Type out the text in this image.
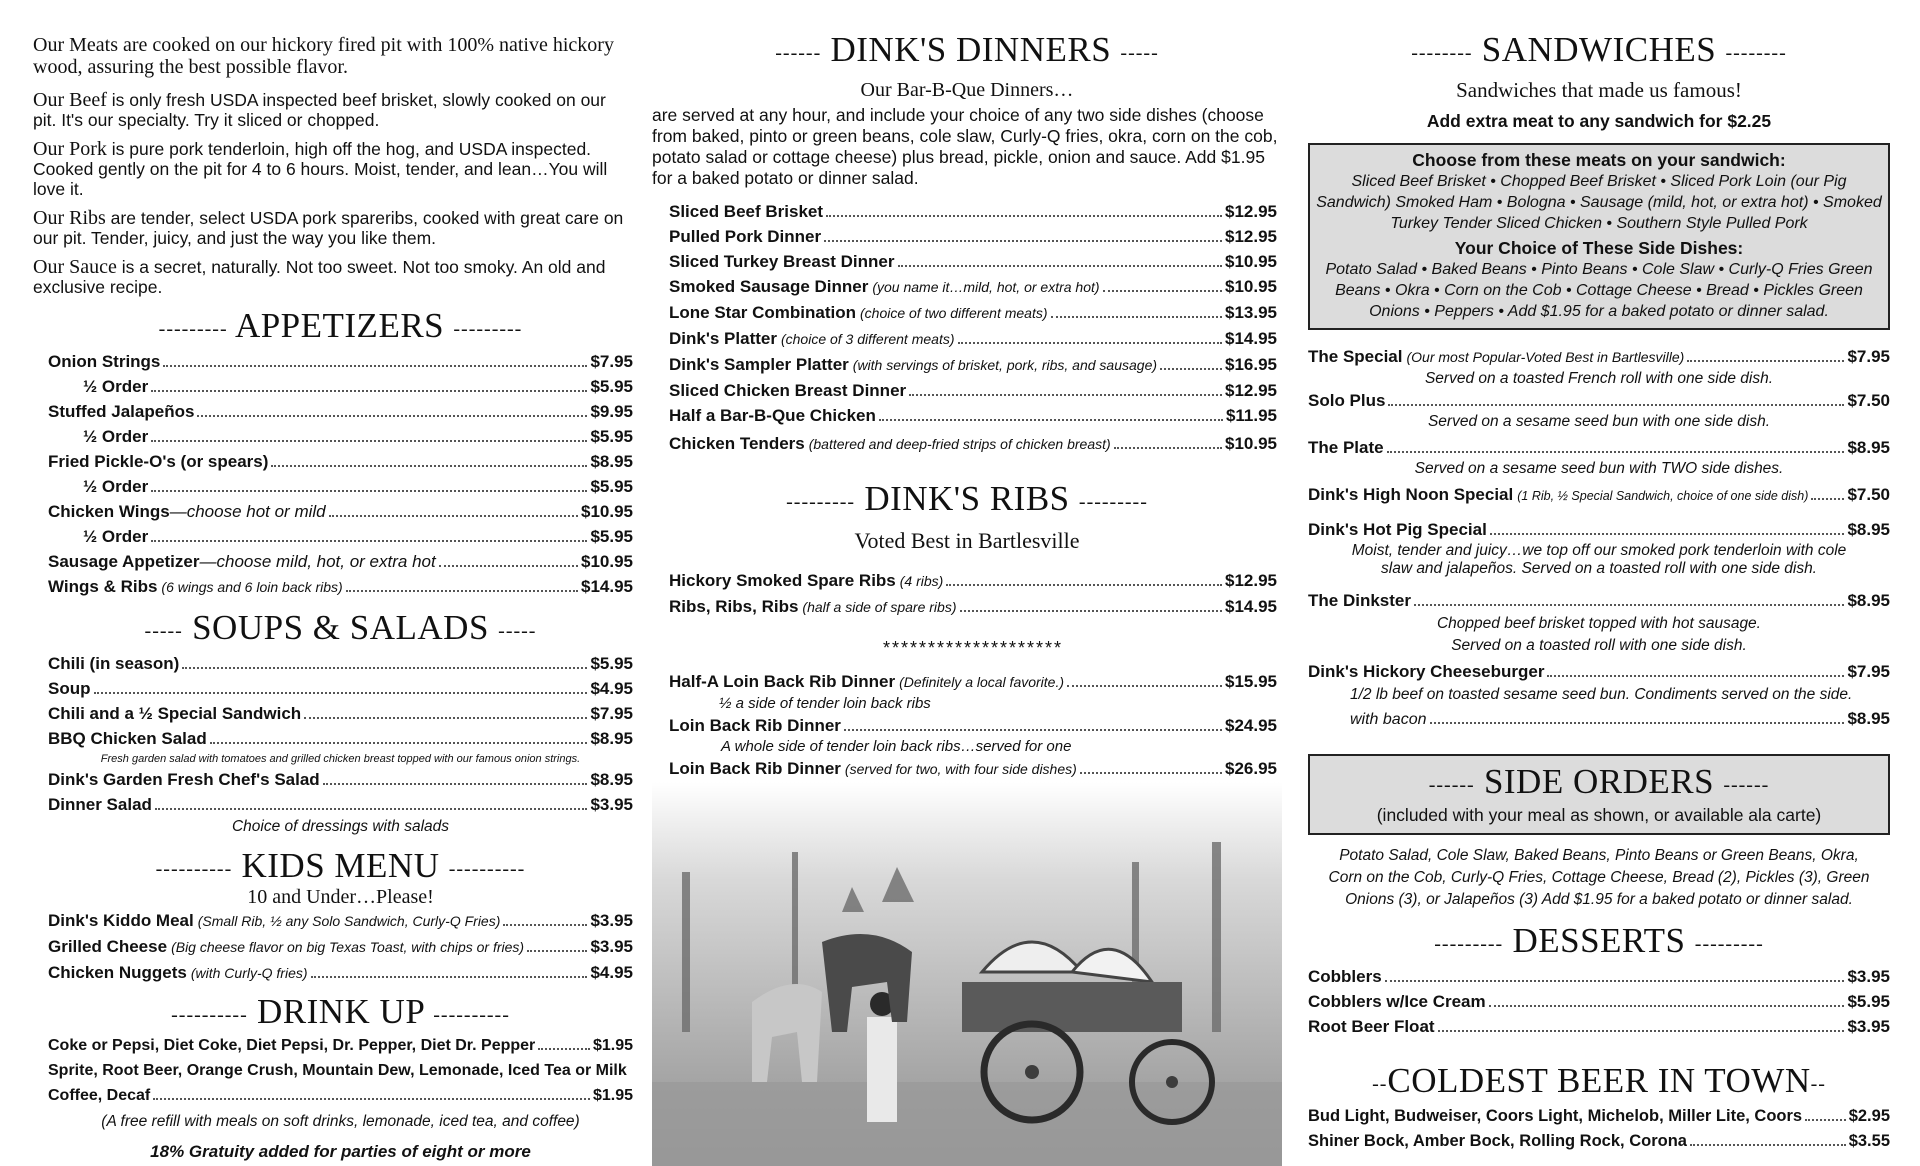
Our Meats are cooked on our hickory fired pit with 100% native hickory wood, assuring the best possible flavor.

Our Beef is only fresh USDA inspected beef brisket, slowly cooked on our pit. It's our specialty. Try it sliced or chopped.

Our Pork is pure pork tenderloin, high off the hog, and USDA inspected. Cooked gently on the pit for 4 to 6 hours. Moist, tender, and lean…You will love it.

Our Ribs are tender, select USDA pork spareribs, cooked with great care on our pit. Tender, juicy, and just the way you like them.

Our Sauce is a secret, naturally. Not too sweet. Not too smoky. An old and exclusive recipe.

--------- APPETIZERS ---------
Onion Strings	$7.95
½ Order	$5.95
Stuffed Jalapeños	$9.95
½ Order	$5.95
Fried Pickle-O's (or spears)	$8.95
½ Order	$5.95
Chicken Wings —choose hot or mild	$10.95
½ Order	$5.95
Sausage Appetizer —choose mild, hot, or extra hot	$10.95
Wings & Ribs (6 wings and 6 loin back ribs)	$14.95
----- SOUPS & SALADS -----
Chili (in season)	$5.95
Soup	$4.95
Chili and a ½ Special Sandwich	$7.95
BBQ Chicken Salad	$8.95
Fresh garden salad with tomatoes and grilled chicken breast topped with our famous onion strings.
Dink's Garden Fresh Chef's Salad	$8.95
Dinner Salad	$3.95
Choice of dressings with salads
---------- KIDS MENU ----------
10 and Under…Please!
Dink's Kiddo Meal (Small Rib, ½ any Solo Sandwich, Curly-Q Fries)	$3.95
Grilled Cheese (Big cheese flavor on big Texas Toast, with chips or fries)	$3.95
Chicken Nuggets (with Curly-Q fries)	$4.95
---------- DRINK UP ----------
Coke or Pepsi, Diet Coke, Diet Pepsi, Dr. Pepper, Diet Dr. Pepper	$1.95
Sprite, Root Beer, Orange Crush, Mountain Dew, Lemonade, Iced Tea or Milk
Coffee, Decaf	$1.95
(A free refill with meals on soft drinks, lemonade, iced tea, and coffee)
18% Gratuity added for parties of eight or more
------ DINK'S DINNERS -----
Our Bar-B-Que Dinners…
are served at any hour, and include your choice of any two side dishes (choose from baked, pinto or green beans, cole slaw, Curly-Q fries, okra, corn on the cob, potato salad or cottage cheese) plus bread, pickle, onion and sauce. Add $1.95 for a baked potato or dinner salad.
Sliced Beef Brisket	$12.95
Pulled Pork Dinner	$12.95
Sliced Turkey Breast Dinner	$10.95
Smoked Sausage Dinner (you name it…mild, hot, or extra hot)	$10.95
Lone Star Combination (choice of two different meats)	$13.95
Dink's Platter (choice of 3 different meats)	$14.95
Dink's Sampler Platter (with servings of brisket, pork, ribs, and sausage)	$16.95
Sliced Chicken Breast Dinner	$12.95
Half a Bar-B-Que Chicken	$11.95
Chicken Tenders (battered and deep-fried strips of chicken breast)	$10.95
--------- DINK'S RIBS ---------
Voted Best in Bartlesville
Hickory Smoked Spare Ribs (4 ribs)	$12.95
Ribs, Ribs, Ribs (half a side of spare ribs)	$14.95
********************
Half-A Loin Back Rib Dinner (Definitely a local favorite.)	$15.95
½ a side of tender loin back ribs
Loin Back Rib Dinner	$24.95
A whole side of tender loin back ribs…served for one
Loin Back Rib Dinner (served for two, with four side dishes)	$26.95
-------- SANDWICHES --------
Sandwiches that made us famous!
Add extra meat to any sandwich for $2.25
Choose from these meats on your sandwich:
Sliced Beef Brisket • Chopped Beef Brisket • Sliced Pork Loin (our Pig Sandwich) Smoked Ham • Bologna • Sausage (mild, hot, or extra hot) • Smoked Turkey Tender Sliced Chicken • Southern Style Pulled Pork
Your Choice of These Side Dishes:
Potato Salad • Baked Beans • Pinto Beans • Cole Slaw • Curly-Q Fries Green Beans • Okra • Corn on the Cob • Cottage Cheese • Bread • Pickles Green Onions • Peppers • Add $1.95 for a baked potato or dinner salad.
The Special (Our most Popular-Voted Best in Bartlesville)	$7.95
Served on a toasted French roll with one side dish.
Solo Plus	$7.50
Served on a sesame seed bun with one side dish.
The Plate	$8.95
Served on a sesame seed bun with TWO side dishes.
Dink's High Noon Special (1 Rib, ½ Special Sandwich, choice of one side dish) $7.50
Dink's Hot Pig Special	$8.95
Moist, tender and juicy…we top off our smoked pork tenderloin with cole slaw and jalapeños. Served on a toasted roll with one side dish.
The Dinkster	$8.95
Chopped beef brisket topped with hot sausage. Served on a toasted roll with one side dish.
Dink's Hickory Cheeseburger	$7.95
1/2 lb beef on toasted sesame seed bun. Condiments served on the side.
with bacon	$8.95
------ SIDE ORDERS ------
(included with your meal as shown, or available ala carte)
Potato Salad, Cole Slaw, Baked Beans, Pinto Beans or Green Beans, Okra, Corn on the Cob, Curly-Q Fries, Cottage Cheese, Bread (2), Pickles (3), Green Onions (3), or Jalapeños (3) Add $1.95 for a baked potato or dinner salad.
--------- DESSERTS ---------
Cobblers	$3.95
Cobblers w/Ice Cream	$5.95
Root Beer Float	$3.95
--COLDEST BEER IN TOWN--
Bud Light, Budweiser, Coors Light, Michelob, Miller Lite, Coors	$2.95
Shiner Bock, Amber Bock, Rolling Rock, Corona	$3.55
